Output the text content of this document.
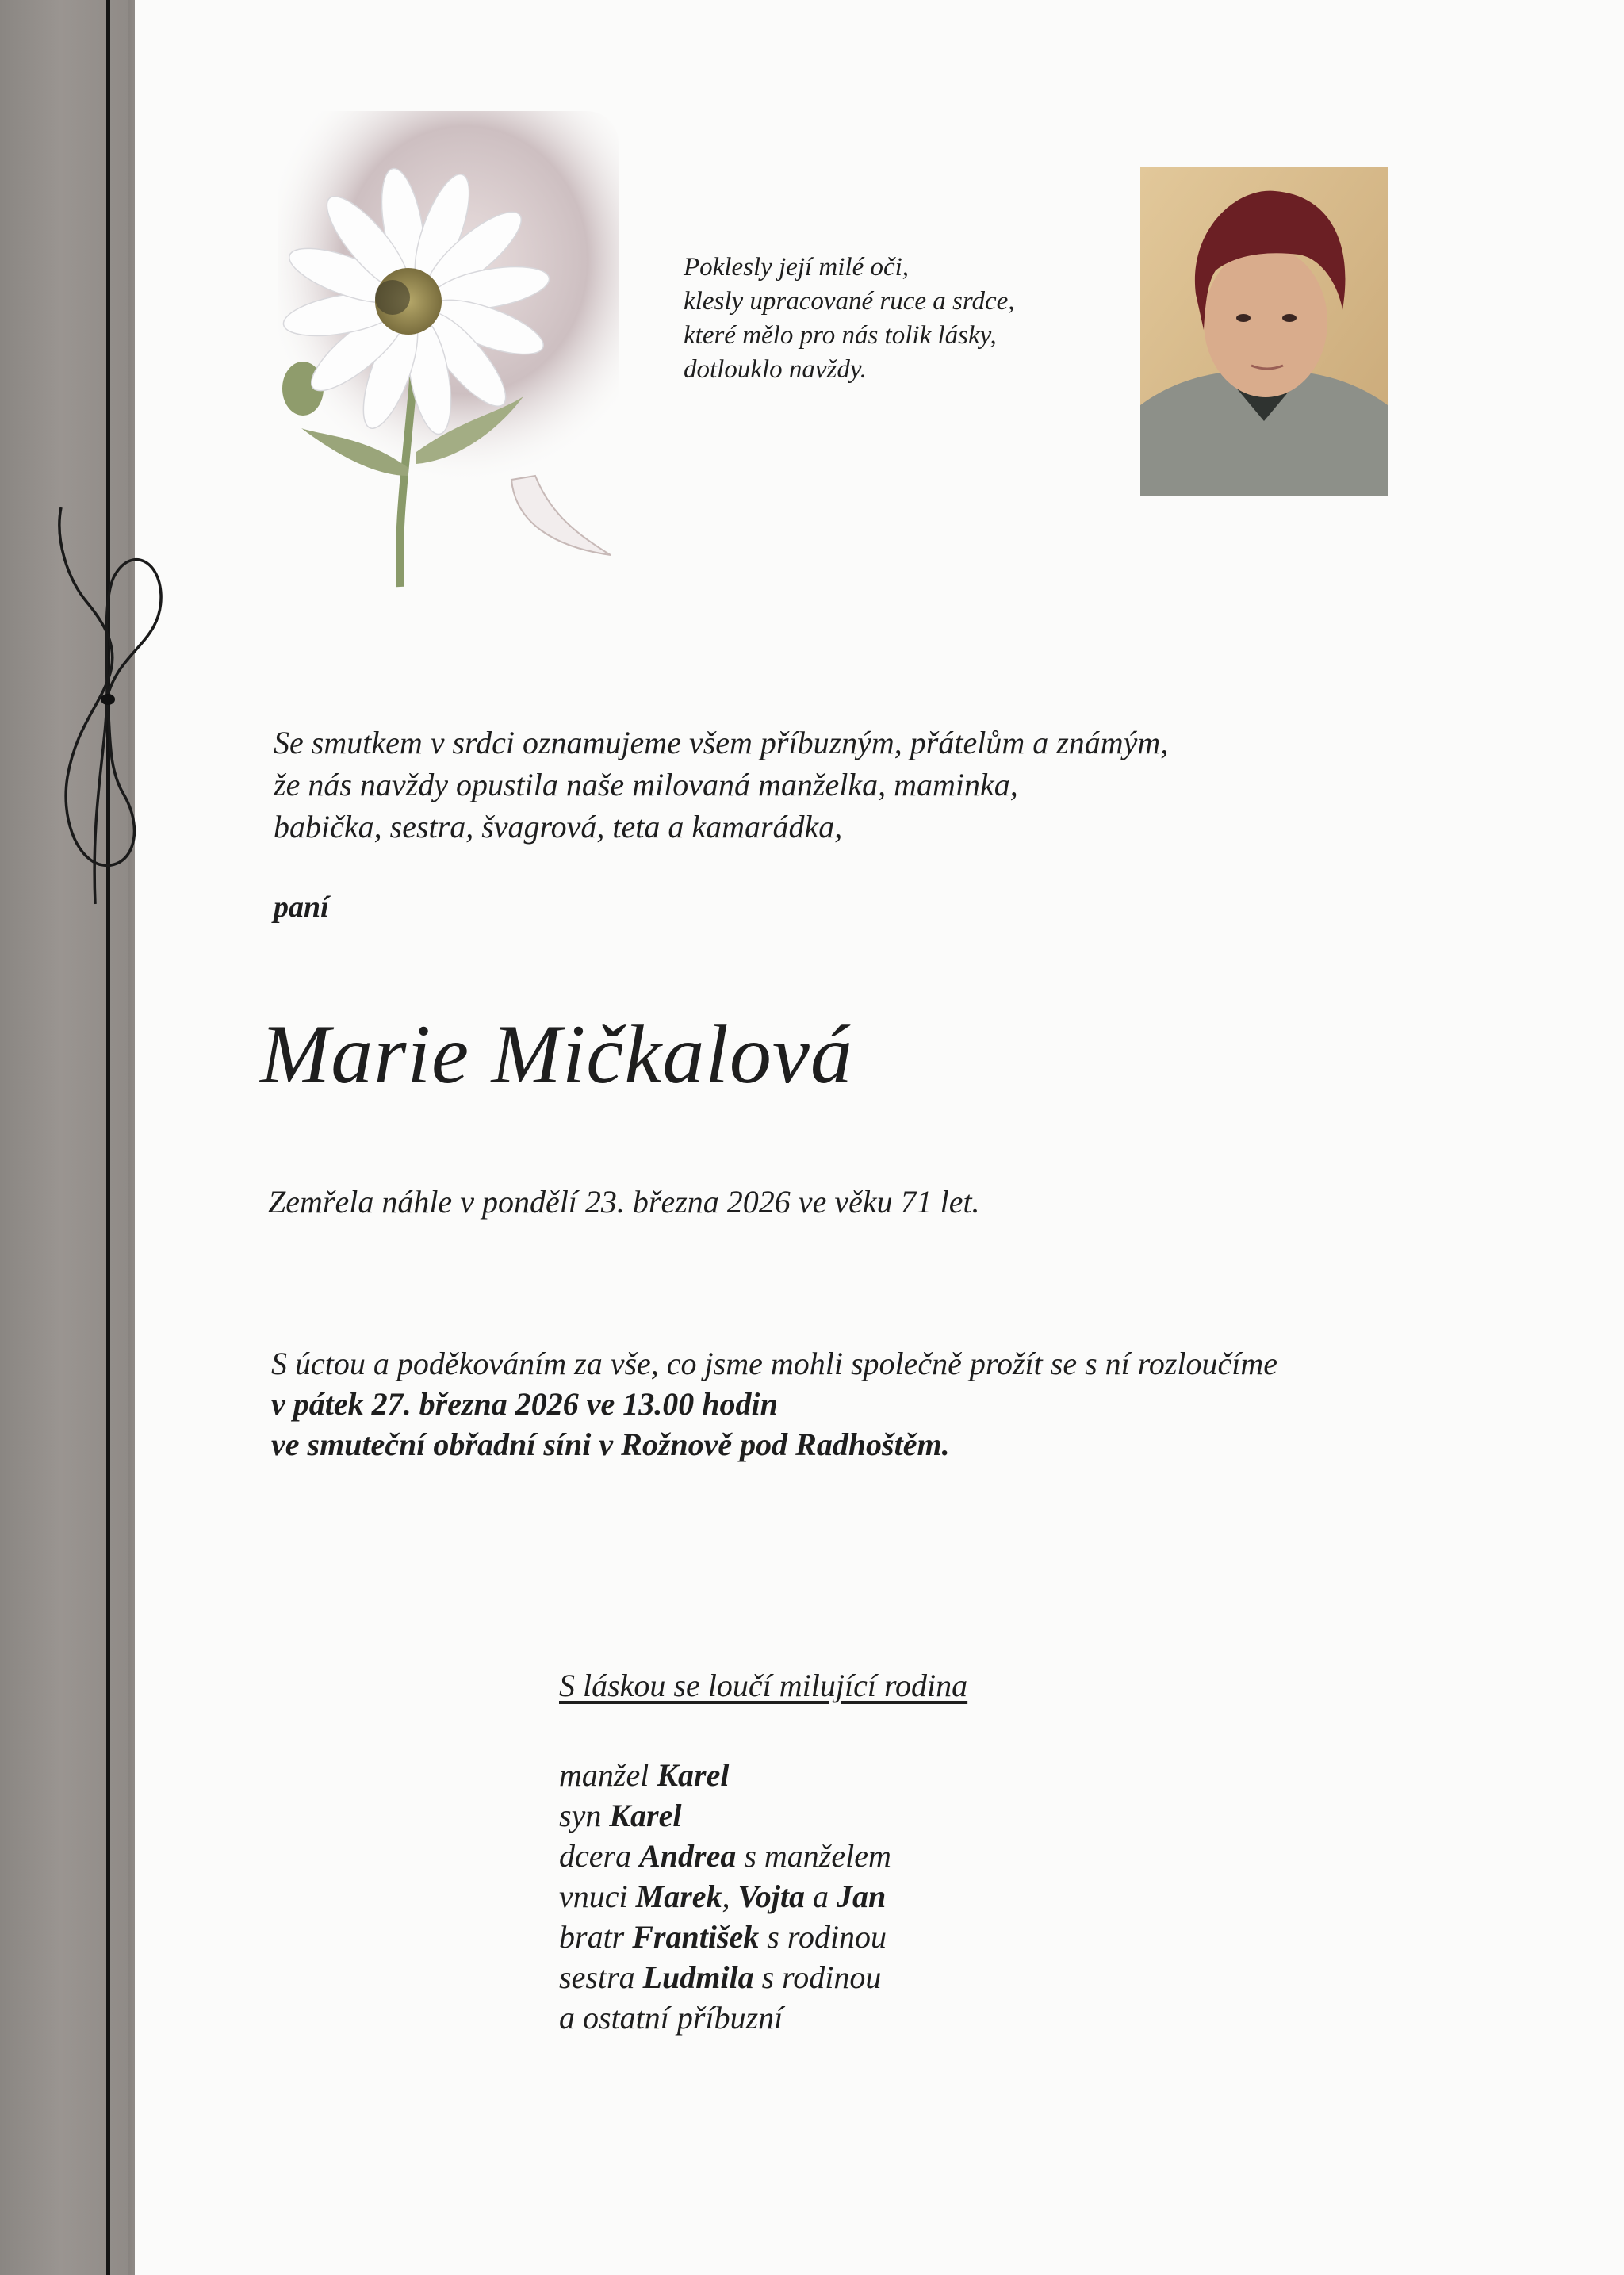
Poklesly její milé oči,
klesly upracované ruce a srdce,
které mělo pro nás tolik lásky,
dotlouklo navždy.
Se smutkem v srdci oznamujeme všem příbuzným, přátelům a známým,
že nás navždy opustila naše milovaná manželka, maminka,
babička, sestra, švagrová, teta a kamarádka,
paní
Marie Mičkalová
Zemřela náhle v pondělí 23. března 2026 ve věku 71 let.
S úctou a poděkováním za vše, co jsme mohli společně prožít se s ní rozloučíme
v pátek 27. března 2026 ve 13.00 hodin
ve smuteční obřadní síni v Rožnově pod Radhoštěm.
S láskou se loučí milující rodina
manžel Karel
syn Karel
dcera Andrea s manželem
vnuci Marek, Vojta a Jan
bratr František s rodinou
sestra Ludmila s rodinou
a ostatní příbuzní
